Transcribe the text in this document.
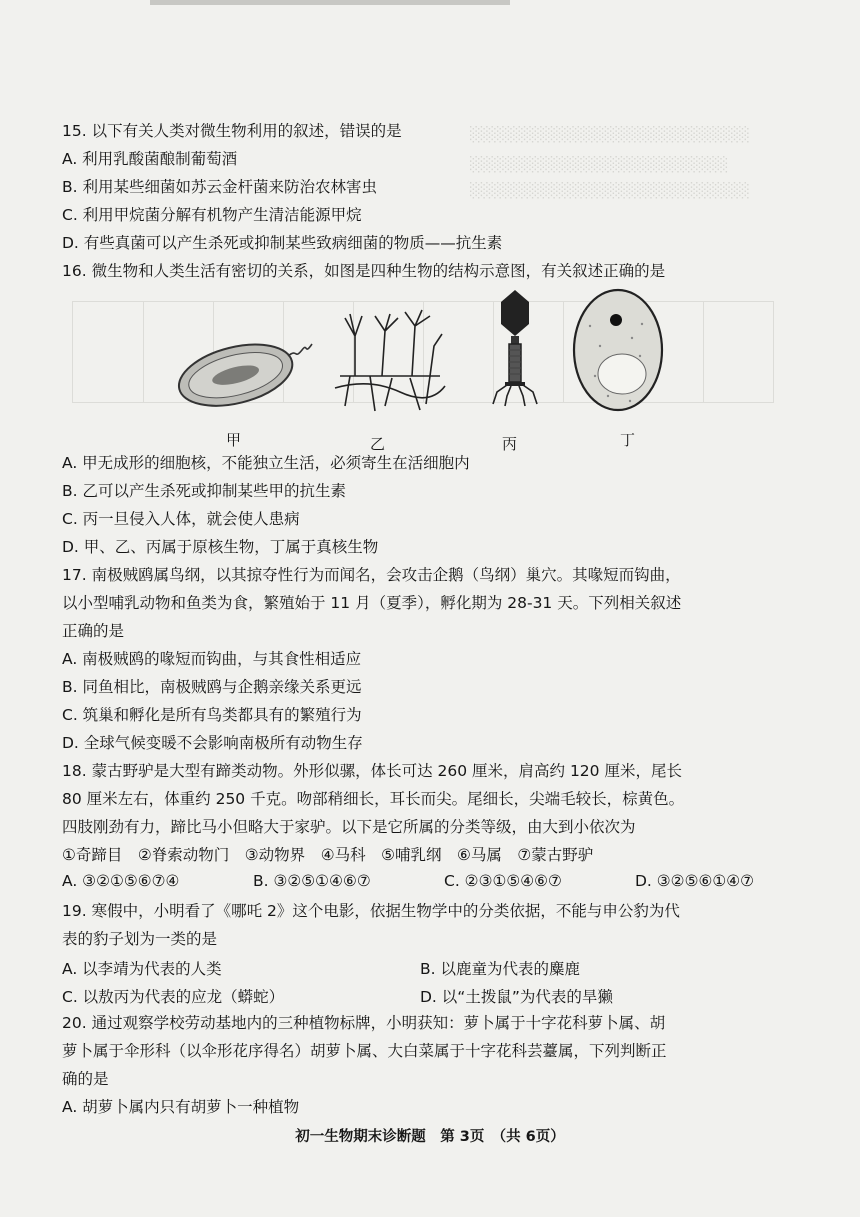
░░░░░░░░░░░░░░░░░░░░░░░░░░
░░░░░░░░░░░░░░░░░░░░░░░░
░░░░░░░░░░░░░░░░░░░░░░░░░░
15. 以下有关人类对微生物利用的叙述，错误的是
A. 利用乳酸菌酿制葡萄酒
B. 利用某些细菌如苏云金杆菌来防治农林害虫
C. 利用甲烷菌分解有机物产生清洁能源甲烷
D. 有些真菌可以产生杀死或抑制某些致病细菌的物质——抗生素
16. 微生物和人类生活有密切的关系，如图是四种生物的结构示意图，有关叙述正确的是
甲	乙	丙	丁
A. 甲无成形的细胞核，不能独立生活，必须寄生在活细胞内
B. 乙可以产生杀死或抑制某些甲的抗生素
C. 丙一旦侵入人体，就会使人患病
D. 甲、乙、丙属于原核生物，丁属于真核生物
17. 南极贼鸥属鸟纲，以其掠夺性行为而闻名，会攻击企鹅（鸟纲）巢穴。其喙短而钩曲，
以小型哺乳动物和鱼类为食，繁殖始于 11 月（夏季），孵化期为 28-31 天。下列相关叙述
正确的是
A. 南极贼鸥的喙短而钩曲，与其食性相适应
B. 同鱼相比，南极贼鸥与企鹅亲缘关系更远
C. 筑巢和孵化是所有鸟类都具有的繁殖行为
D. 全球气候变暖不会影响南极所有动物生存
18. 蒙古野驴是大型有蹄类动物。外形似骡，体长可达 260 厘米，肩高约 120 厘米，尾长
80 厘米左右，体重约 250 千克。吻部稍细长，耳长而尖。尾细长，尖端毛较长，棕黄色。
四肢刚劲有力，蹄比马小但略大于家驴。以下是它所属的分类等级，由大到小依次为
①奇蹄目　②脊索动物门　③动物界　④马科　⑤哺乳纲　⑥马属　⑦蒙古野驴
A. ③②①⑤⑥⑦④	B. ③②⑤①④⑥⑦	C. ②③①⑤④⑥⑦	D. ③②⑤⑥①④⑦
19. 寒假中，小明看了《哪吒 2》这个电影，依据生物学中的分类依据，不能与申公豹为代
表的豹子划为一类的是
A. 以李靖为代表的人类	B. 以鹿童为代表的麋鹿
C. 以敖丙为代表的应龙（蟒蛇）	D. 以“土拨鼠”为代表的旱獭
20. 通过观察学校劳动基地内的三种植物标牌，小明获知：萝卜属于十字花科萝卜属、胡
萝卜属于伞形科（以伞形花序得名）胡萝卜属、大白菜属于十字花科芸薹属，下列判断正
确的是
A. 胡萝卜属内只有胡萝卜一种植物
初一生物期末诊断题　第 3页　（共 6页）
